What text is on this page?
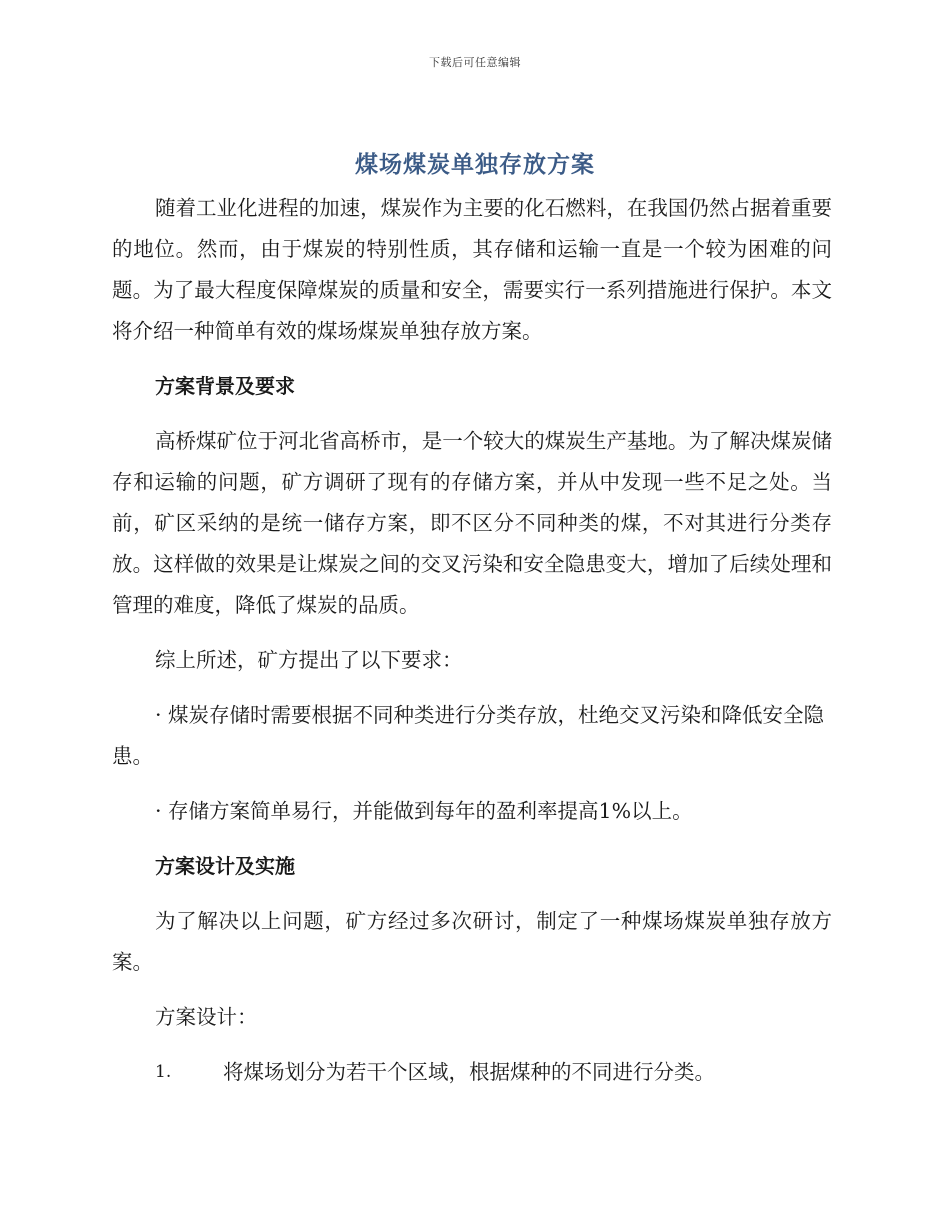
下载后可任意编辑
煤场煤炭单独存放方案

随着工业化进程的加速，煤炭作为主要的化石燃料，在我国仍然占据着重要的地位。然而，由于煤炭的特别性质，其存储和运输一直是一个较为困难的问题。为了最大程度保障煤炭的质量和安全，需要实行一系列措施进行保护。本文将介绍一种简单有效的煤场煤炭单独存放方案。

方案背景及要求

高桥煤矿位于河北省高桥市，是一个较大的煤炭生产基地。为了解决煤炭储存和运输的问题，矿方调研了现有的存储方案，并从中发现一些不足之处。当前，矿区采纳的是统一储存方案，即不区分不同种类的煤，不对其进行分类存放。这样做的效果是让煤炭之间的交叉污染和安全隐患变大，增加了后续处理和管理的难度，降低了煤炭的品质。

综上所述，矿方提出了以下要求：

· 煤炭存储时需要根据不同种类进行分类存放，杜绝交叉污染和降低安全隐患。

· 存储方案简单易行，并能做到每年的盈利率提高1%以上。

方案设计及实施

为了解决以上问题，矿方经过多次研讨，制定了一种煤场煤炭单独存放方案。

方案设计：

1.	将煤场划分为若干个区域，根据煤种的不同进行分类。
